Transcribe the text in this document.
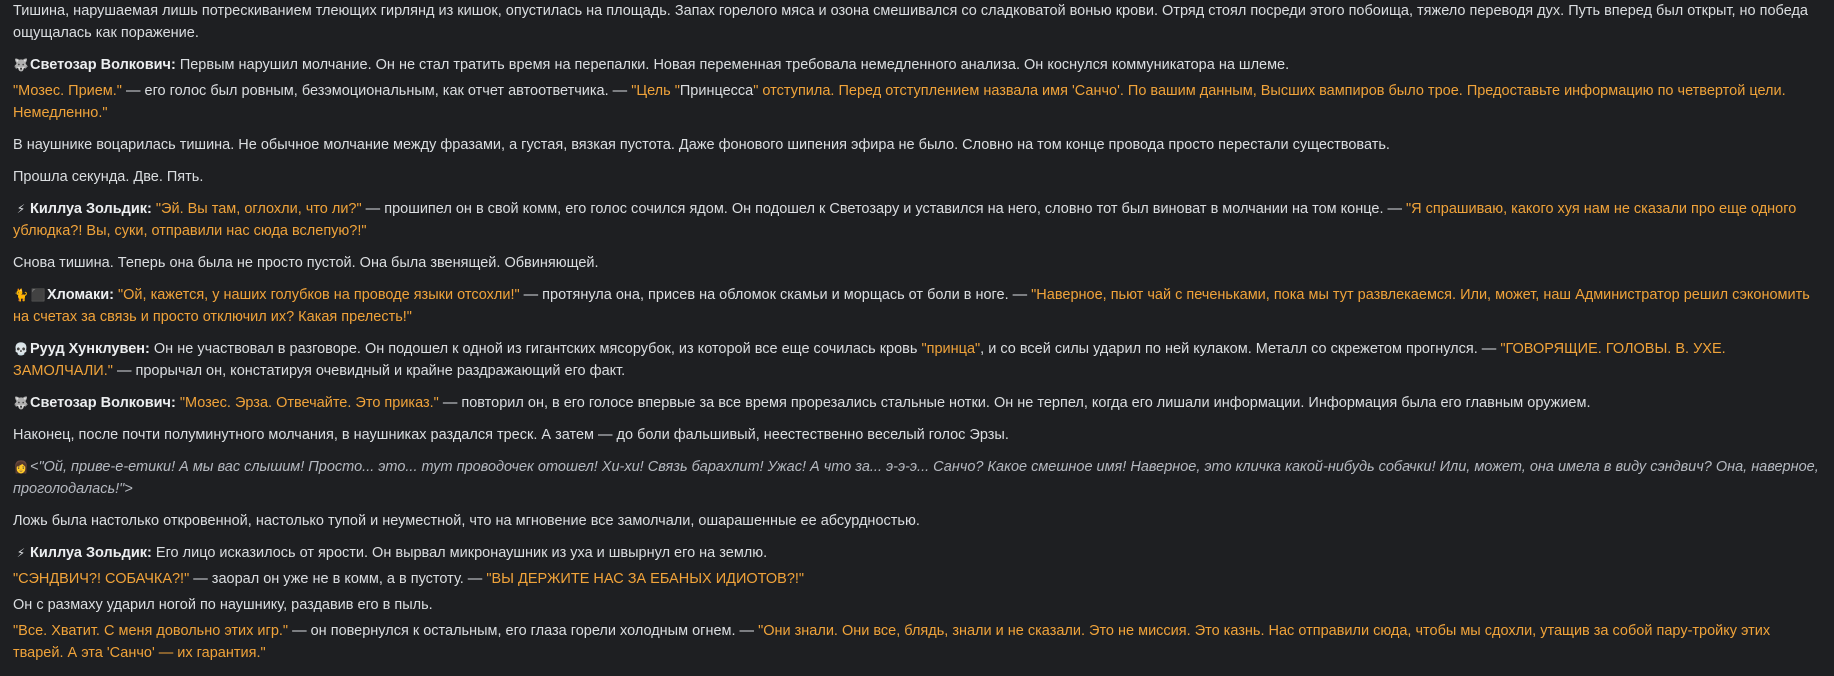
Тишина, нарушаемая лишь потрескиванием тлеющих гирлянд из кишок, опустилась на площадь. Запах горелого мяса и озона смешивался со сладковатой вонью крови. Отряд стоял посреди этого побоища, тяжело переводя дух. Путь вперед был открыт, но победа ощущалась как поражение.
🐺 Светозар Волкович: Первым нарушил молчание. Он не стал тратить время на перепалки. Новая переменная требовала немедленного анализа. Он коснулся коммуникатора на шлеме.
"Мозес. Прием." — его голос был ровным, безэмоциональным, как отчет автоответчика. — "Цель "Принцесса" отступила. Перед отступлением назвала имя 'Санчо'. По вашим данным, Высших вампиров было трое. Предоставьте информацию по четвертой цели. Немедленно."
В наушнике воцарилась тишина. Не обычное молчание между фразами, а густая, вязкая пустота. Даже фонового шипения эфира не было. Словно на том конце провода просто перестали существовать.
Прошла секунда. Две. Пять.
⚡ Киллуа Зольдик: "Эй. Вы там, оглохли, что ли?" — прошипел он в свой комм, его голос сочился ядом. Он подошел к Светозару и уставился на него, словно тот был виноват в молчании на том конце. — "Я спрашиваю, какого хуя нам не сказали про еще одного ублюдка?! Вы, суки, отправили нас сюда вслепую?!"
Снова тишина. Теперь она была не просто пустой. Она была звенящей. Обвиняющей.
🐈 ⬛ Хломаки: "Ой, кажется, у наших голубков на проводе языки отсохли!" — протянула она, присев на обломок скамьи и морщась от боли в ноге. — "Наверное, пьют чай с печеньками, пока мы тут развлекаемся. Или, может, наш Администратор решил сэкономить на счетах за связь и просто отключил их? Какая прелесть!"
💀 Рууд Хунклувен: Он не участвовал в разговоре. Он подошел к одной из гигантских мясорубок, из которой все еще сочилась кровь "принца", и со всей силы ударил по ней кулаком. Металл со скрежетом прогнулся. — "ГОВОРЯЩИЕ. ГОЛОВЫ. В. УХЕ. ЗАМОЛЧАЛИ." — прорычал он, констатируя очевидный и крайне раздражающий его факт.
🐺 Светозар Волкович: "Мозес. Эрза. Отвечайте. Это приказ." — повторил он, в его голосе впервые за все время прорезались стальные нотки. Он не терпел, когда его лишали информации. Информация была его главным оружием.
Наконец, после почти полуминутного молчания, в наушниках раздался треск. А затем — до боли фальшивый, неестественно веселый голос Эрзы.
👩 <"Ой, приве-е-етики! А мы вас слышим! Просто... это... тут проводочек отошел! Хи-хи! Связь барахлит! Ужас! А что за... э-э-э... Санчо? Какое смешное имя! Наверное, это кличка какой-нибудь собачки! Или, может, она имела в виду сэндвич? Она, наверное, проголодалась!">
Ложь была настолько откровенной, настолько тупой и неуместной, что на мгновение все замолчали, ошарашенные ее абсурдностью.
⚡ Киллуа Зольдик: Его лицо исказилось от ярости. Он вырвал микронаушник из уха и швырнул его на землю.
"СЭНДВИЧ?! СОБАЧКА?!" — заорал он уже не в комм, а в пустоту. — "ВЫ ДЕРЖИТЕ НАС ЗА ЕБАНЫХ ИДИОТОВ?!"
Он с размаху ударил ногой по наушнику, раздавив его в пыль.
"Все. Хватит. С меня довольно этих игр." — он повернулся к остальным, его глаза горели холодным огнем. — "Они знали. Они все, блядь, знали и не сказали. Это не миссия. Это казнь. Нас отправили сюда, чтобы мы сдохли, утащив за собой пару-тройку этих тварей. А эта 'Санчо' — их гарантия."
